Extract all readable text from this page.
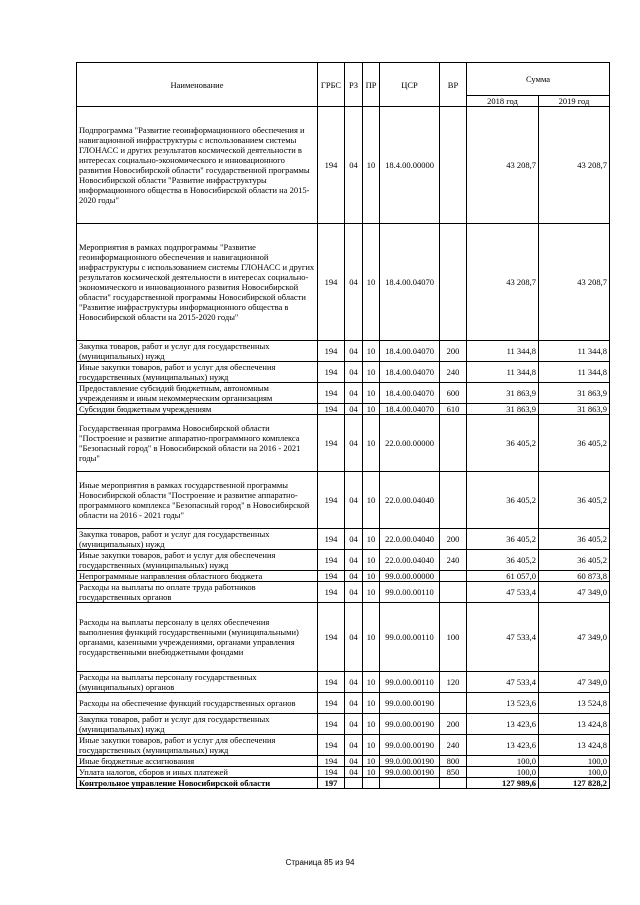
Наименование	ГРБС	РЗ	ПР	ЦСР	ВР	Сумма	
						2018 год	2019 год
Подпрограмма "Развитие геоинформационного обеспечения и навигационной инфраструктуры с использованием системы ГЛОНАСС и других результатов космической деятельности в интересах социально-экономического и инновационного развития Новосибирской области" государственной программы Новосибирской области "Развитие инфраструктуры информационного общества в Новосибирской области на 2015-2020 годы"	194	04	10	18.4.00.00000		43 208,7	43 208,7
Мероприятия в рамках подпрограммы "Развитие геоинформационного обеспечения и навигационной инфраструктуры с использованием системы ГЛОНАСС и других результатов космической деятельности в интересах социально-экономического и инновационного развития Новосибирской области" государственной программы Новосибирской области "Развитие инфраструктуры информационного общества в Новосибирской области на 2015-2020 годы"	194	04	10	18.4.00.04070		43 208,7	43 208,7
Закупка товаров, работ и услуг для государственных (муниципальных) нужд	194	04	10	18.4.00.04070	200	11 344,8	11 344,8
Иные закупки товаров, работ и услуг для обеспечения государственных (муниципальных) нужд	194	04	10	18.4.00.04070	240	11 344,8	11 344,8
Предоставление субсидий бюджетным, автономным учреждениям и иным некоммерческим организациям	194	04	10	18.4.00.04070	600	31 863,9	31 863,9
Субсидии бюджетным учреждениям	194	04	10	18.4.00.04070	610	31 863,9	31 863,9
Государственная программа Новосибирской области "Построение и развитие аппаратно-программного комплекса "Безопасный город" в Новосибирской области на 2016 - 2021 годы"	194	04	10	22.0.00.00000		36 405,2	36 405,2
Иные мероприятия в рамках государственной программы Новосибирской области "Построение и развитие аппаратно-программного комплекса "Безопасный город" в Новосибирской области на 2016 - 2021 годы"	194	04	10	22.0.00.04040		36 405,2	36 405,2
Закупка товаров, работ и услуг для государственных (муниципальных) нужд	194	04	10	22.0.00.04040	200	36 405,2	36 405,2
Иные закупки товаров, работ и услуг для обеспечения государственных (муниципальных) нужд	194	04	10	22.0.00.04040	240	36 405,2	36 405,2
Непрограммные направления областного бюджета	194	04	10	99.0.00.00000		61 057,0	60 873,8
Расходы на выплаты по оплате труда работников государственных органов	194	04	10	99.0.00.00110		47 533,4	47 349,0
Расходы на выплаты персоналу в целях обеспечения выполнения функций государственными (муниципальными) органами, казенными учреждениями, органами управления государственными внебюджетными фондами	194	04	10	99.0.00.00110	100	47 533,4	47 349,0
Расходы на выплаты персоналу государственных (муниципальных) органов	194	04	10	99.0.00.00110	120	47 533,4	47 349,0
Расходы на обеспечение функций государственных органов	194	04	10	99.0.00.00190		13 523,6	13 524,8
Закупка товаров, работ и услуг для государственных (муниципальных) нужд	194	04	10	99.0.00.00190	200	13 423,6	13 424,8
Иные закупки товаров, работ и услуг для обеспечения государственных (муниципальных) нужд	194	04	10	99.0.00.00190	240	13 423,6	13 424,8
Иные бюджетные ассигнования	194	04	10	99.0.00.00190	800	100,0	100,0
Уплата налогов, сборов и иных платежей	194	04	10	99.0.00.00190	850	100,0	100,0
Контрольное управление Новосибирской области	197					127 989,6	127 828,2
Страница 85 из 94
